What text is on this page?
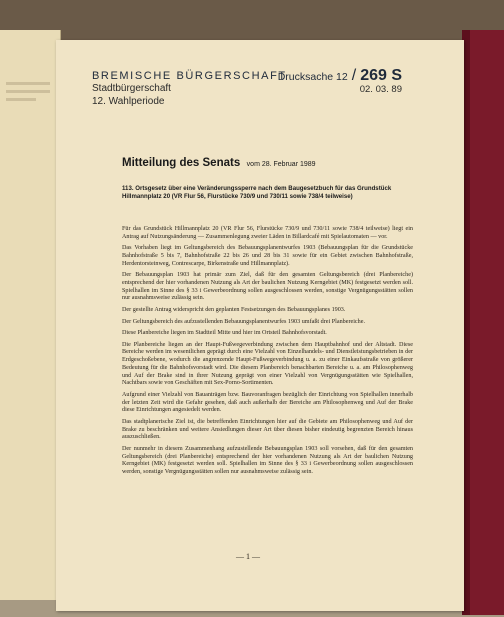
BREMISCHE BÜRGERSCHAFT
Stadtbürgerschaft
12. Wahlperiode
Drucksache 12 / 269 S
02. 03. 89
Mitteilung des Senats vom 28. Februar 1989
113. Ortsgesetz über eine Veränderungssperre nach dem Baugesetzbuch für das Grundstück Hillmannplatz 20 (VR Flur 56, Flurstücke 730/9 und 730/11 sowie 738/4 teilweise)

Für das Grundstück Hillmannplatz 20 (VR Flur 56, Flurstücke 730/9 und 730/11 sowie 738/4 teilweise) liegt ein Antrag auf Nutzungsänderung — Zusammenlegung zweier Läden in Billardcafé mit Spielautomaten — vor.

Das Vorhaben liegt im Geltungsbereich des Bebauungsplanentwurfes 1903 (Bebauungsplan für die Grundstücke Bahnhofstraße 5 bis 7, Bahnhofstraße 22 bis 26 und 28 bis 31 sowie für ein Gebiet zwischen Bahnhofstraße, Herdentorsteinweg, Contrescarpe, Birkenstraße und Hillmannplatz).

Der Bebauungsplan 1903 hat primär zum Ziel, daß für den gesamten Geltungsbereich (drei Planbereiche) entsprechend der hier vorhandenen Nutzung als Art der baulichen Nutzung Kerngebiet (MK) festgesetzt werden soll. Spielhallen im Sinne des § 33 i Gewerbeordnung sollen ausgeschlossen werden, sonstige Vergnügungsstätten sollen nur ausnahmsweise zulässig sein.

Der gestellte Antrag widerspricht den geplanten Festsetzungen des Bebauungsplanes 1903.

Der Geltungsbereich des aufzustellenden Bebauungsplanentwurfes 1903 umfaßt drei Planbereiche.

Diese Planbereiche liegen im Stadtteil Mitte und hier im Ortsteil Bahnhofsvorstadt.

Die Planbereiche liegen an der Haupt-Fußwegeverbindung zwischen dem Hauptbahnhof und der Altstadt. Diese Bereiche werden im wesentlichen geprägt durch eine Vielzahl von Einzelhandels- und Dienstleistungsbetrieben in der Erdgeschoßebene, wodurch die angrenzende Haupt-Fußwegeverbindung u. a. zu einer Einkaufsstraße von größerer Bedeutung für die Bahnhofsvorstadt wird. Die diesem Planbereich benachbarten Bereiche u. a. am Philosophenweg und Auf der Brake sind in ihrer Nutzung geprägt von einer Vielzahl von Vergnügungsstätten wie Spielhallen, Nachtbars sowie von Geschäften mit Sex-Porno-Sortimenten.

Aufgrund einer Vielzahl von Bauanträgen bzw. Bauvoranfragen bezüglich der Einrichtung von Spielhallen innerhalb der letzten Zeit wird die Gefahr gesehen, daß auch außerhalb der Bereiche am Philosophenweg und Auf der Brake diese Einrichtungen angesiedelt werden.

Das stadtplanerische Ziel ist, die betreffenden Einrichtungen hier auf die Gebiete am Philosophenweg und Auf der Brake zu beschränken und weitere Ansiedlungen dieser Art über diesen bisher eindeutig begrenzten Bereich hinaus auszuschließen.

Der nunmehr in diesem Zusammenhang aufzustellende Bebauungsplan 1903 soll vorsehen, daß für den gesamten Geltungsbereich (drei Planbereiche) entsprechend der hier vorhandenen Nutzung als Art der baulichen Nutzung Kerngebiet (MK) festgesetzt werden soll. Spielhallen im Sinne des § 33 i Gewerbeordnung sollen ausgeschlossen werden, sonstige Vergnügungsstätten sollen nur ausnahmsweise zulässig sein.

— 1 —
